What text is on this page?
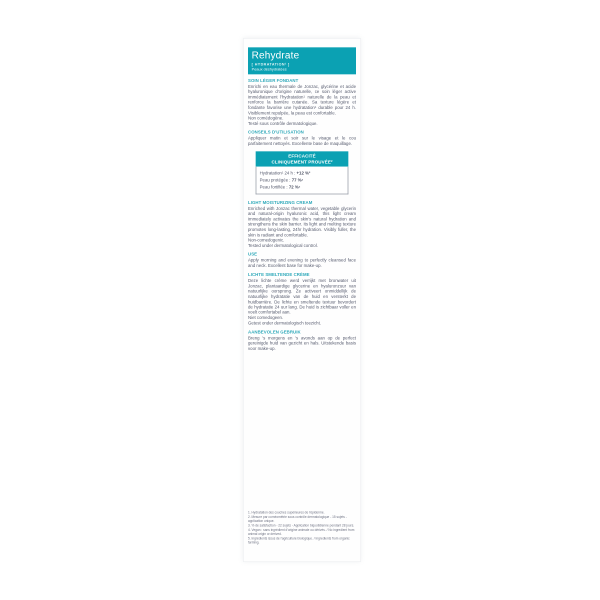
Rehydrate
[ HYDRATATION¹ ]
Peaux déshydratées
SOIN LÉGER FONDANT

Enrichi en eau thermale de Jonzac, glycérine et acide hyaluronique d'origine naturelle, ce soin léger active immédiatement l'hydratation¹ naturelle de la peau et renforce la barrière cutanée. Sa texture légère et fondante favorise une hydratation¹ durable pour 24 h. Visiblement repulpée, la peau est confortable.

Non comédogène.
Testé sous contrôle dermatologique.
CONSEILS D'UTILISATION

Appliquer matin et soir sur le visage et le cou parfaitement nettoyés. Excellente base de maquillage.

EFFICACITÉ
CLINIQUEMENT PROUVÉE²
Hydratation¹ 24 h : +12 %²
Peau protégée : 77 %³
Peau fortifiée : 72 %³
LIGHT MOISTURIZING CREAM

Enriched with Jonzac thermal water, vegetable glycerin and natural-origin hyaluronic acid, this light cream immediately activates the skin's natural hydration and strengthens the skin barrier. Its light and melting texture promotes long-lasting, 24hr hydration. Visibly fuller, the skin is radiant and comfortable.

Non-comedogenic.
Tested under dermatological control.
USE

Apply morning and evening to perfectly cleansed face and neck. Excellent base for make-up.

LICHTE SMELTENDE CRÈME

Deze lichte crème werd verrijkt met bronwater uit Jonzac, plantaardige glycerine en hyaluronzuur van natuurlijke oorsprong. Ze activeert onmiddellijk de natuurlijke hydratatie van de huid en versterkt de huidbarrière. De lichte en smeltende textuur bevordert de hydratatie 24 uur lang. De huid is zichtbaar voller en voelt comfortabel aan.

Niet comedogeen.
Getest onder dermatologisch toezicht.
AANBEVOLEN GEBRUIK

Breng 's morgens en 's avonds aan op de perfect gereinigde huid van gezicht en hals. Uitstekende basis voor make-up.

1. Hydratation des couches supérieures de l'épiderme.
2. Mesure par cornéométrie sous contrôle dermatologique - 15 sujets - application unique.
3. % de satisfaction - 22 sujets - Application biquotidienne pendant 28 jours.
4. Vegan : sans ingrédient d'origine animale ou dérivés. / No ingredient from animal origin or derived.
5. Ingrédients issus de l'agriculture biologique. / Ingredients from organic farming.
